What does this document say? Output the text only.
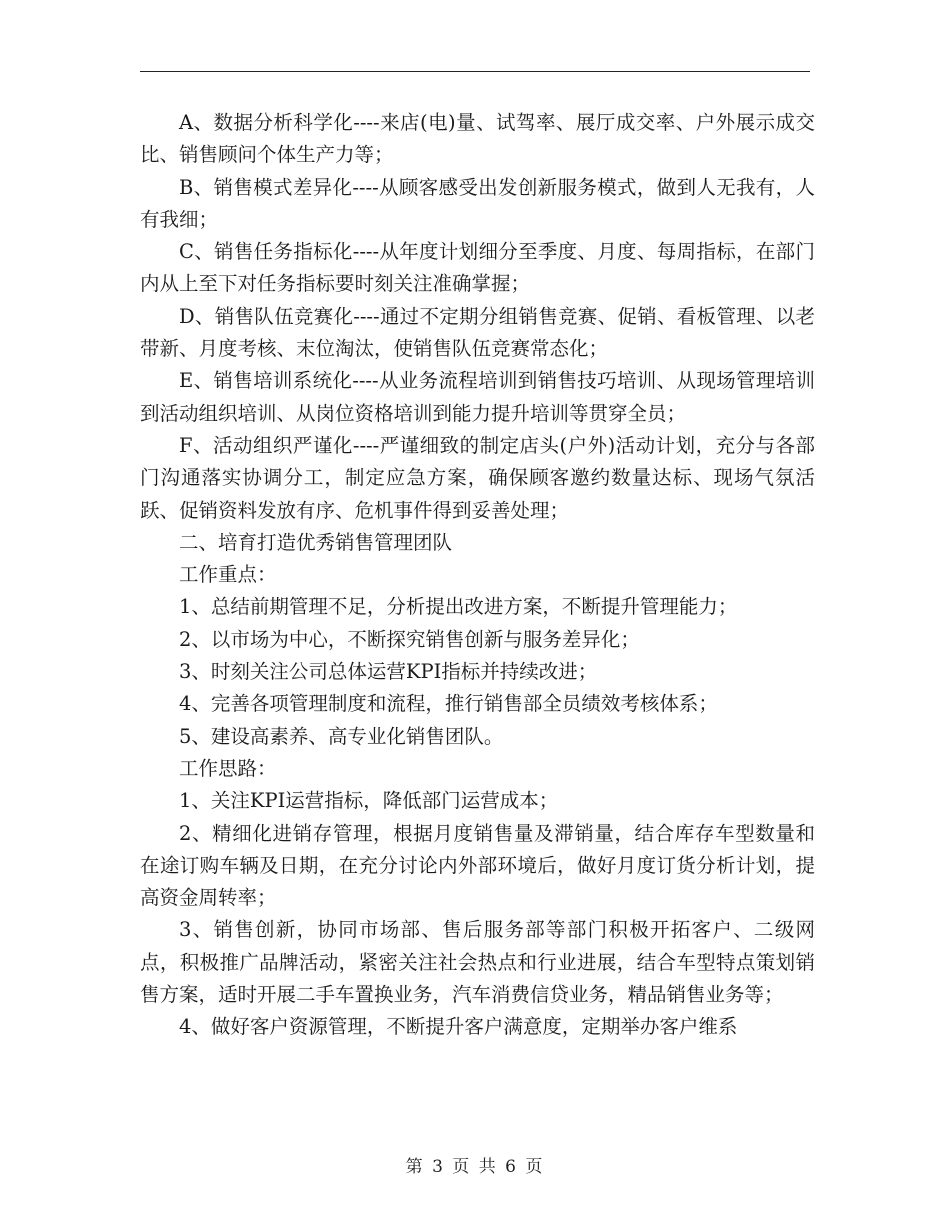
A、数据分析科学化----来店(电)量、试驾率、展厅成交率、户外展示成交比、销售顾问个体生产力等；

B、销售模式差异化----从顾客感受出发创新服务模式，做到人无我有，人有我细；

C、销售任务指标化----从年度计划细分至季度、月度、每周指标，在部门内从上至下对任务指标要时刻关注准确掌握；

D、销售队伍竞赛化----通过不定期分组销售竞赛、促销、看板管理、以老带新、月度考核、末位淘汰，使销售队伍竞赛常态化；

E、销售培训系统化----从业务流程培训到销售技巧培训、从现场管理培训到活动组织培训、从岗位资格培训到能力提升培训等贯穿全员；

F、活动组织严谨化----严谨细致的制定店头(户外)活动计划，充分与各部门沟通落实协调分工，制定应急方案，确保顾客邀约数量达标、现场气氛活跃、促销资料发放有序、危机事件得到妥善处理；

二、培育打造优秀销售管理团队

工作重点：

1、总结前期管理不足，分析提出改进方案，不断提升管理能力；

2、以市场为中心，不断探究销售创新与服务差异化；

3、时刻关注公司总体运营KPI指标并持续改进；

4、完善各项管理制度和流程，推行销售部全员绩效考核体系；

5、建设高素养、高专业化销售团队。

工作思路：

1、关注KPI运营指标，降低部门运营成本；

2、精细化进销存管理，根据月度销售量及滞销量，结合库存车型数量和在途订购车辆及日期，在充分讨论内外部环境后，做好月度订货分析计划，提高资金周转率；

3、销售创新，协同市场部、售后服务部等部门积极开拓客户、二级网点，积极推广品牌活动，紧密关注社会热点和行业进展，结合车型特点策划销售方案，适时开展二手车置换业务，汽车消费信贷业务，精品销售业务等；

4、做好客户资源管理，不断提升客户满意度，定期举办客户维系

第 3 页 共 6 页
